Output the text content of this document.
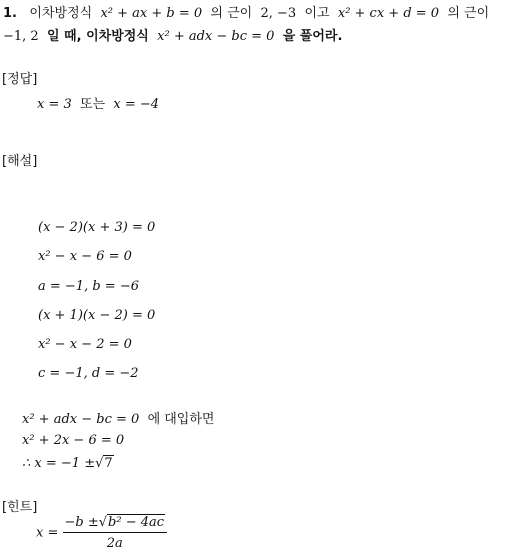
1. 이차방정식 x² + ax + b = 0 의 근이 2, −3 이고 x² + cx + d = 0 의 근이
−1, 2 일 때, 이차방정식 x² + adx − bc = 0 을 풀어라.
[정답]
x = 3 또는 x = −4
[해설]
(x − 2)(x + 3) = 0
x² − x − 6 = 0
a = −1, b = −6
(x + 1)(x − 2) = 0
x² − x − 2 = 0
c = −1, d = −2
x² + adx − bc = 0 에 대입하면
x² + 2x − 6 = 0
∴ x = −1 ±√7
[힌트]
$x = \frac{\text{−b ±√b² − 4ac}}{2a}$
